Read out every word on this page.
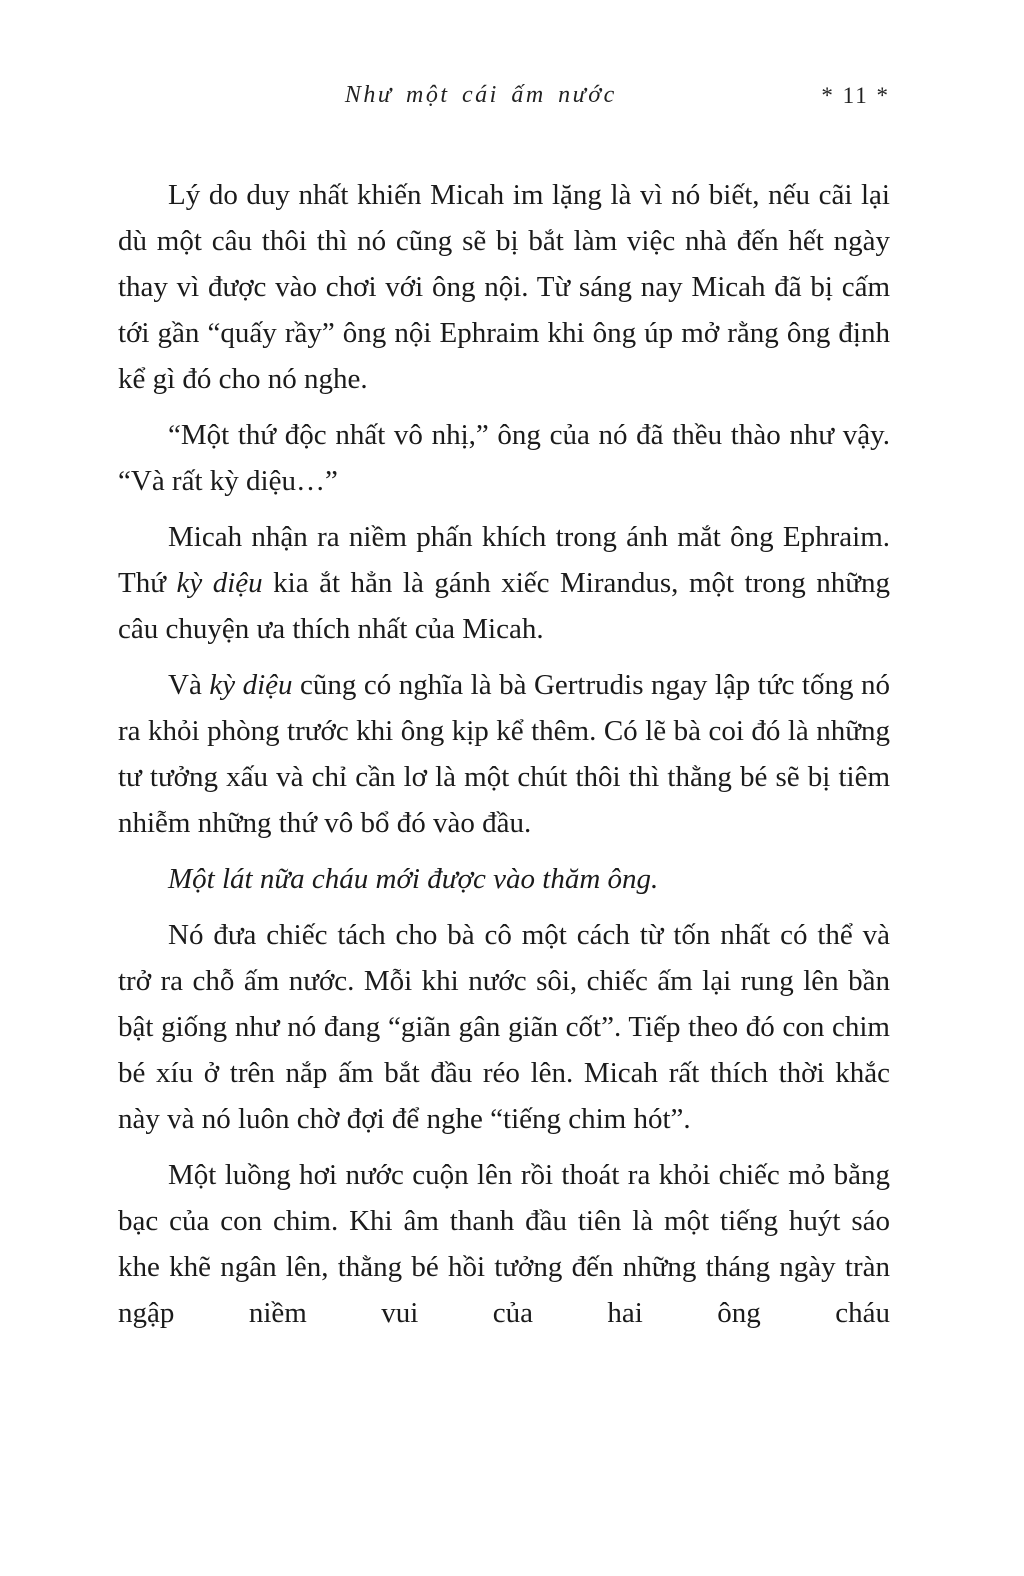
Như một cái ấm nước	* 11 *

Lý do duy nhất khiến Micah im lặng là vì nó biết, nếu cãi lại dù một câu thôi thì nó cũng sẽ bị bắt làm việc nhà đến hết ngày thay vì được vào chơi với ông nội. Từ sáng nay Micah đã bị cấm tới gần “quấy rầy” ông nội Ephraim khi ông úp mở rằng ông định kể gì đó cho nó nghe.

“Một thứ độc nhất vô nhị,” ông của nó đã thều thào như vậy. “Và rất kỳ diệu…”

Micah nhận ra niềm phấn khích trong ánh mắt ông Ephraim. Thứ kỳ diệu kia ắt hẳn là gánh xiếc Mirandus, một trong những câu chuyện ưa thích nhất của Micah.

Và kỳ diệu cũng có nghĩa là bà Gertrudis ngay lập tức tống nó ra khỏi phòng trước khi ông kịp kể thêm. Có lẽ bà coi đó là những tư tưởng xấu và chỉ cần lơ là một chút thôi thì thằng bé sẽ bị tiêm nhiễm những thứ vô bổ đó vào đầu.

Một lát nữa cháu mới được vào thăm ông.

Nó đưa chiếc tách cho bà cô một cách từ tốn nhất có thể và trở ra chỗ ấm nước. Mỗi khi nước sôi, chiếc ấm lại rung lên bần bật giống như nó đang “giãn gân giãn cốt”. Tiếp theo đó con chim bé xíu ở trên nắp ấm bắt đầu réo lên. Micah rất thích thời khắc này và nó luôn chờ đợi để nghe “tiếng chim hót”.

Một luồng hơi nước cuộn lên rồi thoát ra khỏi chiếc mỏ bằng bạc của con chim. Khi âm thanh đầu tiên là một tiếng huýt sáo khe khẽ ngân lên, thằng bé hồi tưởng đến những tháng ngày tràn ngập niềm vui của hai ông cháu
